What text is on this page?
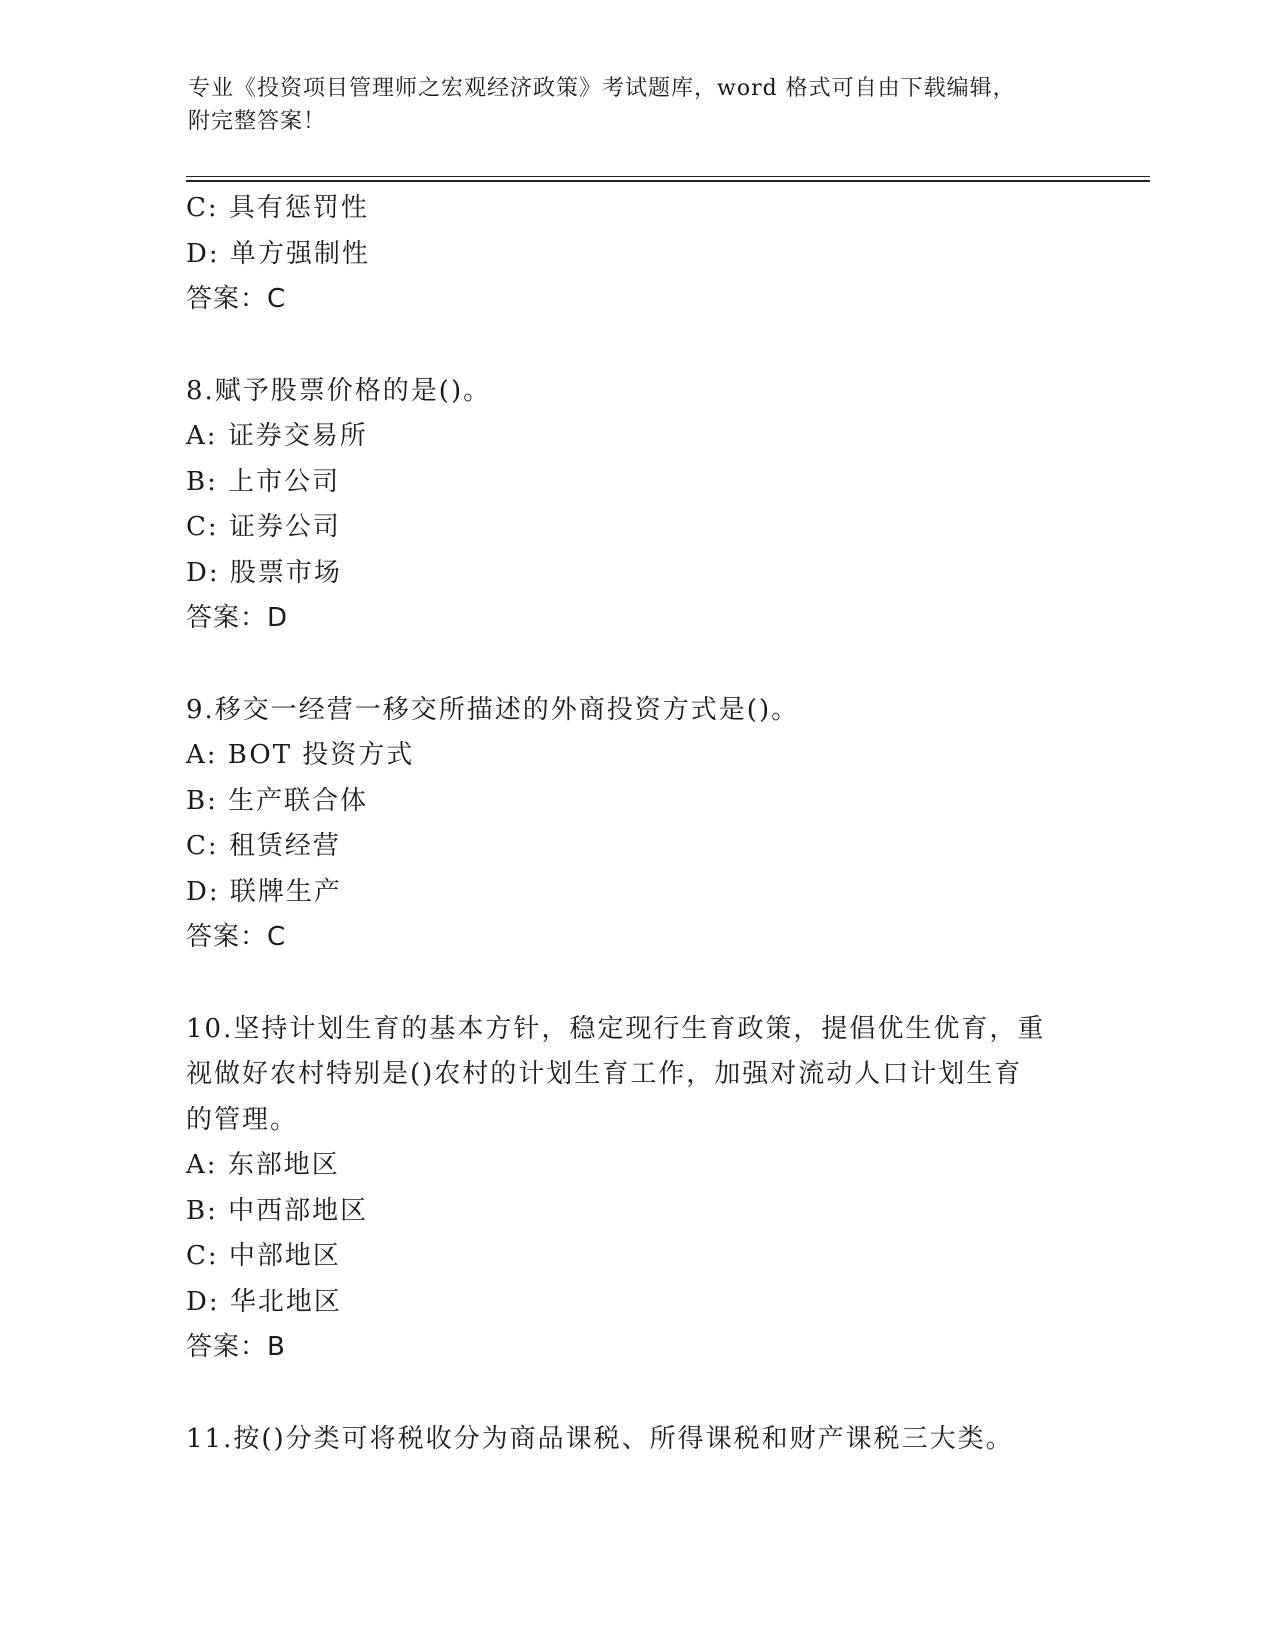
专业《投资项目管理师之宏观经济政策》考试题库，word 格式可自由下载编辑，
附完整答案！
C: 具有惩罚性
D: 单方强制性
答案：C
8.赋予股票价格的是()。
A: 证券交易所
B: 上市公司
C: 证券公司
D: 股票市场
答案：D
9.移交一经营一移交所描述的外商投资方式是()。
A: BOT 投资方式
B: 生产联合体
C: 租赁经营
D: 联牌生产
答案：C
10.坚持计划生育的基本方针，稳定现行生育政策，提倡优生优育，重
视做好农村特别是()农村的计划生育工作，加强对流动人口计划生育
的管理。
A: 东部地区
B: 中西部地区
C: 中部地区
D: 华北地区
答案：B
11.按()分类可将税收分为商品课税、所得课税和财产课税三大类。
